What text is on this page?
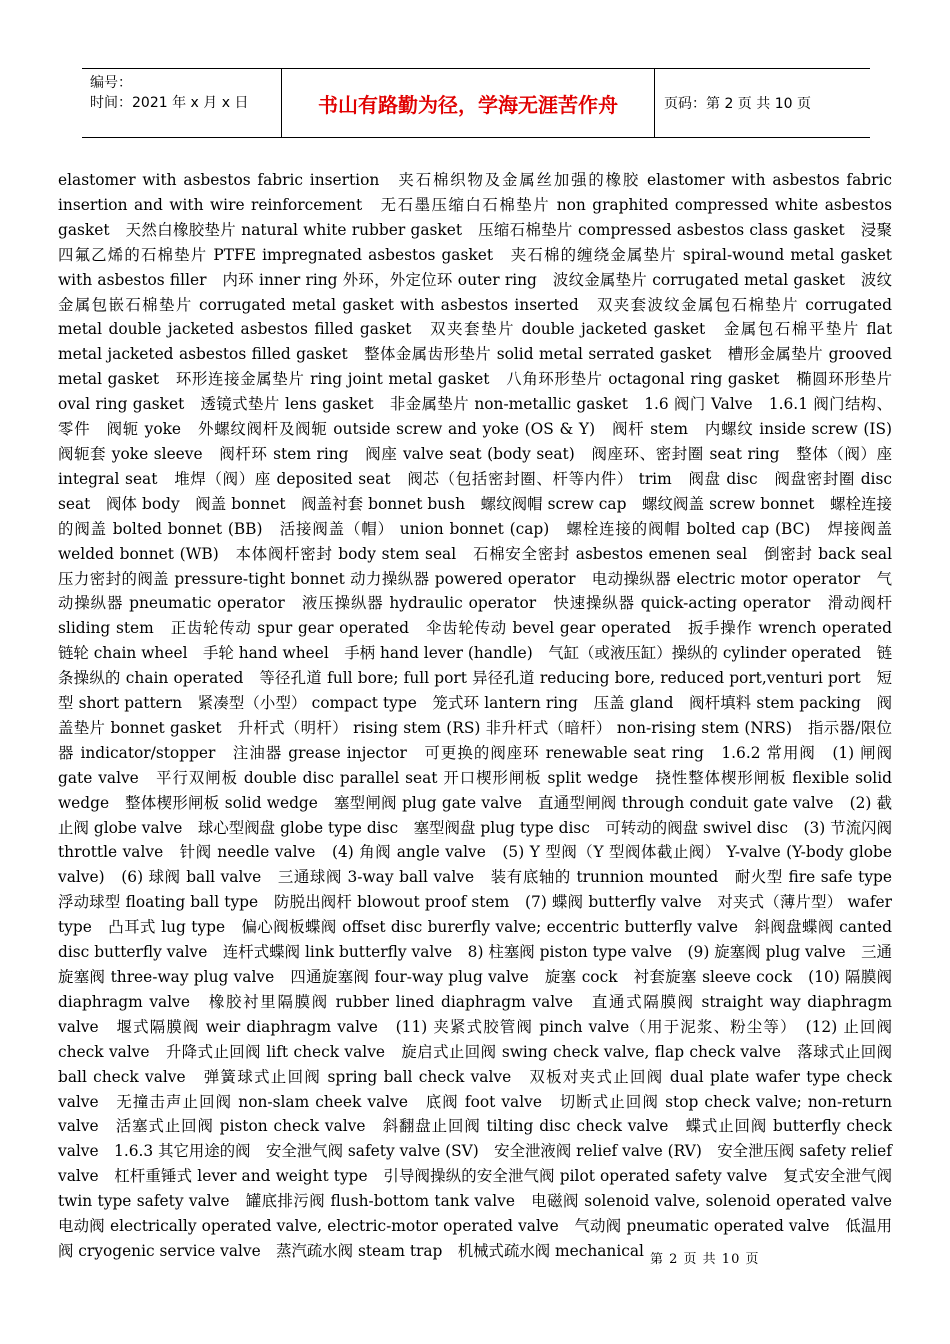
编号：
时间：2021 年 x 月 x 日	书山有路勤为径，学海无涯苦作舟	页码：第 2 页 共 10 页
elastomer with asbestos fabric insertion　夹石棉织物及金属丝加强的橡胶 elastomer with asbestos fabric insertion and with wire reinforcement　无石墨压缩白石棉垫片 non graphited compressed white asbestos gasket　天然白橡胶垫片 natural white rubber gasket　压缩石棉垫片 compressed asbestos class gasket　浸聚四氟乙烯的石棉垫片 PTFE impregnated asbestos gasket　夹石棉的缠绕金属垫片 spiral-wound metal gasket with asbestos filler　内环 inner ring 外环，外定位环 outer ring　波纹金属垫片 corrugated metal gasket　波纹金属包嵌石棉垫片 corrugated metal gasket with asbestos inserted　双夹套波纹金属包石棉垫片 corrugated metal double jacketed asbestos filled gasket　双夹套垫片 double jacketed gasket　金属包石棉平垫片 flat metal jacketed asbestos filled gasket　整体金属齿形垫片 solid metal serrated gasket　槽形金属垫片 grooved metal gasket　环形连接金属垫片 ring joint metal gasket　八角环形垫片 octagonal ring gasket　椭圆环形垫片 oval ring gasket　透镜式垫片 lens gasket　非金属垫片 non-metallic gasket　1.6 阀门 Valve　1.6.1 阀门结构、零件　阀轭 yoke　外螺纹阀杆及阀轭 outside screw and yoke (OS & Y)　阀杆 stem　内螺纹 inside screw (IS)　阀轭套 yoke sleeve　阀杆环 stem ring　阀座 valve seat (body seat)　阀座环、密封圈 seat ring　整体（阀）座 integral seat　堆焊（阀）座 deposited seat　阀芯（包括密封圈、杆等内件） trim　阀盘 disc　阀盘密封圈 disc seat　阀体 body　阀盖 bonnet　阀盖衬套 bonnet bush　螺纹阀帽 screw cap　螺纹阀盖 screw bonnet　螺栓连接的阀盖 bolted bonnet (BB)　活接阀盖（帽） union bonnet (cap)　螺栓连接的阀帽 bolted cap (BC)　焊接阀盖 welded bonnet (WB)　本体阀杆密封 body stem seal　石棉安全密封 asbestos emenen seal　倒密封 back seal　压力密封的阀盖 pressure-tight bonnet 动力操纵器 powered operator　电动操纵器 electric motor operator　气动操纵器 pneumatic operator　液压操纵器 hydraulic operator　快速操纵器 quick-acting operator　滑动阀杆 sliding stem　正齿轮传动 spur gear operated　伞齿轮传动 bevel gear operated　扳手操作 wrench operated　链轮 chain wheel　手轮 hand wheel　手柄 hand lever (handle)　气缸（或液压缸）操纵的 cylinder operated　链条操纵的 chain operated　等径孔道 full bore; full port 异径孔道 reducing bore, reduced port,venturi port　短型 short pattern　紧凑型（小型） compact type　笼式环 lantern ring　压盖 gland　阀杆填料 stem packing　阀盖垫片 bonnet gasket　升杆式（明杆） rising stem (RS) 非升杆式（暗杆） non-rising stem (NRS)　指示器/限位器 indicator/stopper　注油器 grease injector　可更换的阀座环 renewable seat ring　1.6.2 常用阀　(1) 闸阀 gate valve　平行双闸板 double disc parallel seat 开口楔形闸板 split wedge　挠性整体楔形闸板 flexible solid wedge　整体楔形闸板 solid wedge　塞型闸阀 plug gate valve　直通型闸阀 through conduit gate valve　(2) 截止阀 globe valve　球心型阀盘 globe type disc　塞型阀盘 plug type disc　可转动的阀盘 swivel disc　(3) 节流闪阀 throttle valve　针阀 needle valve　(4) 角阀 angle valve　(5) Y 型阀（Y 型阀体截止阀） Y-valve (Y-body globe valve)　(6) 球阀 ball valve　三通球阀 3-way ball valve　装有底轴的 trunnion mounted　耐火型 fire safe type　浮动球型 floating ball type　防脱出阀杆 blowout proof stem　(7) 蝶阀 butterfly valve　对夹式（薄片型） wafer type　凸耳式 lug type　偏心阀板蝶阀 offset disc burerfly valve; eccentric butterfly valve　斜阀盘蝶阀 canted disc butterfly valve　连杆式蝶阀 link butterfly valve　8) 柱塞阀 piston type valve　(9) 旋塞阀 plug valve　三通旋塞阀 three-way plug valve　四通旋塞阀 four-way plug valve　旋塞 cock　衬套旋塞 sleeve cock　(10) 隔膜阀 diaphragm valve　橡胶衬里隔膜阀 rubber lined diaphragm valve　直通式隔膜阀 straight way diaphragm valve　堰式隔膜阀 weir diaphragm valve　(11) 夹紧式胶管阀 pinch valve（用于泥浆、粉尘等）　(12) 止回阀 check valve　升降式止回阀 lift check valve　旋启式止回阀 swing check valve, flap check valve　落球式止回阀 ball check valve　弹簧球式止回阀 spring ball check valve　双板对夹式止回阀 dual plate wafer type check valve　无撞击声止回阀 non-slam cheek valve　底阀 foot valve　切断式止回阀 stop check valve; non-return valve　活塞式止回阀 piston check valve　斜翻盘止回阀 tilting disc check valve　蝶式止回阀 butterfly check valve　1.6.3 其它用途的阀　安全泄气阀 safety valve (SV)　安全泄液阀 relief valve (RV)　安全泄压阀 safety relief valve　杠杆重锤式 lever and weight type　引导阀操纵的安全泄气阀 pilot operated safety valve　复式安全泄气阀 twin type safety valve　罐底排污阀 flush-bottom tank valve　电磁阀 solenoid valve, solenoid operated valve　电动阀 electrically operated valve, electric-motor operated valve　气动阀 pneumatic operated valve　低温用阀 cryogenic service valve　蒸汽疏水阀 steam trap　机械式疏水阀 mechanical 第 2 页 共 10 页
